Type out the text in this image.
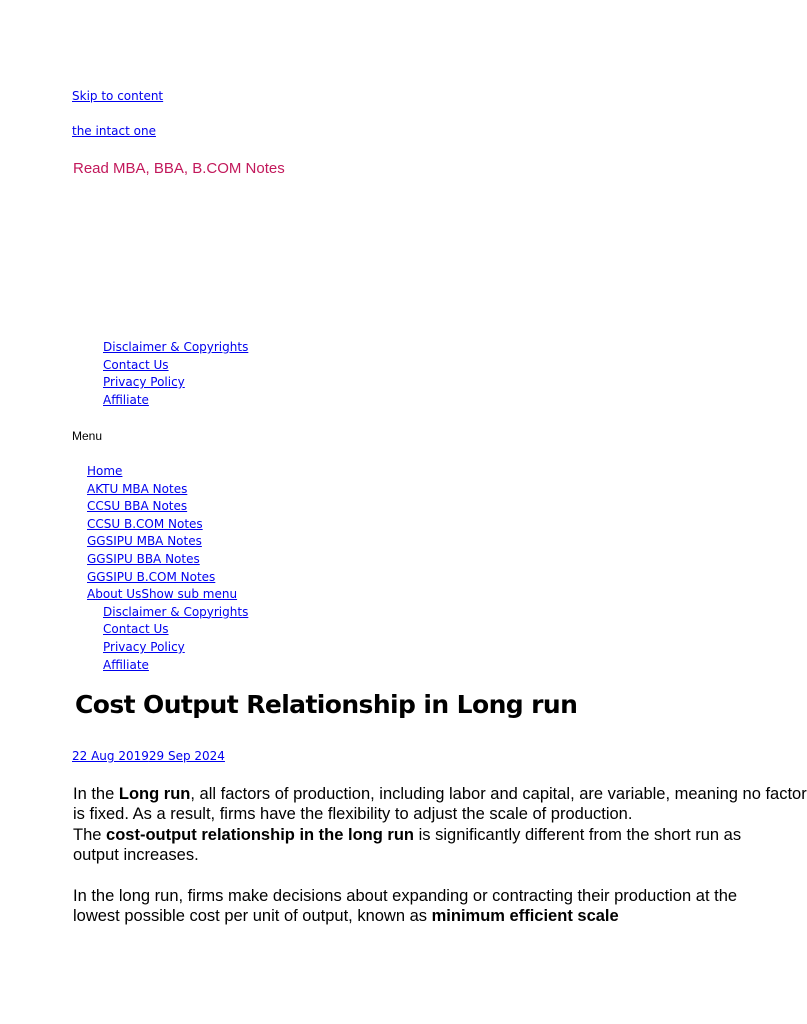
Skip to content
the intact one
Read MBA, BBA, B.COM Notes
Disclaimer & Copyrights
Contact Us
Privacy Policy
Affiliate
Menu
Home
AKTU MBA Notes
CCSU BBA Notes
CCSU B.COM Notes
GGSIPU MBA Notes
GGSIPU BBA Notes
GGSIPU B.COM Notes
About UsShow sub menu
Disclaimer & Copyrights
Contact Us
Privacy Policy
Affiliate
Cost Output Relationship in Long run
22 Aug 201929 Sep 2024

In the Long run, all factors of production, including labor and capital, are variable, meaning no factor
is fixed. As a result, firms have the flexibility to adjust the scale of production.
The cost-output relationship in the long run is significantly different from the short run as
output increases.

In the long run, firms make decisions about expanding or contracting their production at the
lowest possible cost per unit of output, known as minimum efficient scale
